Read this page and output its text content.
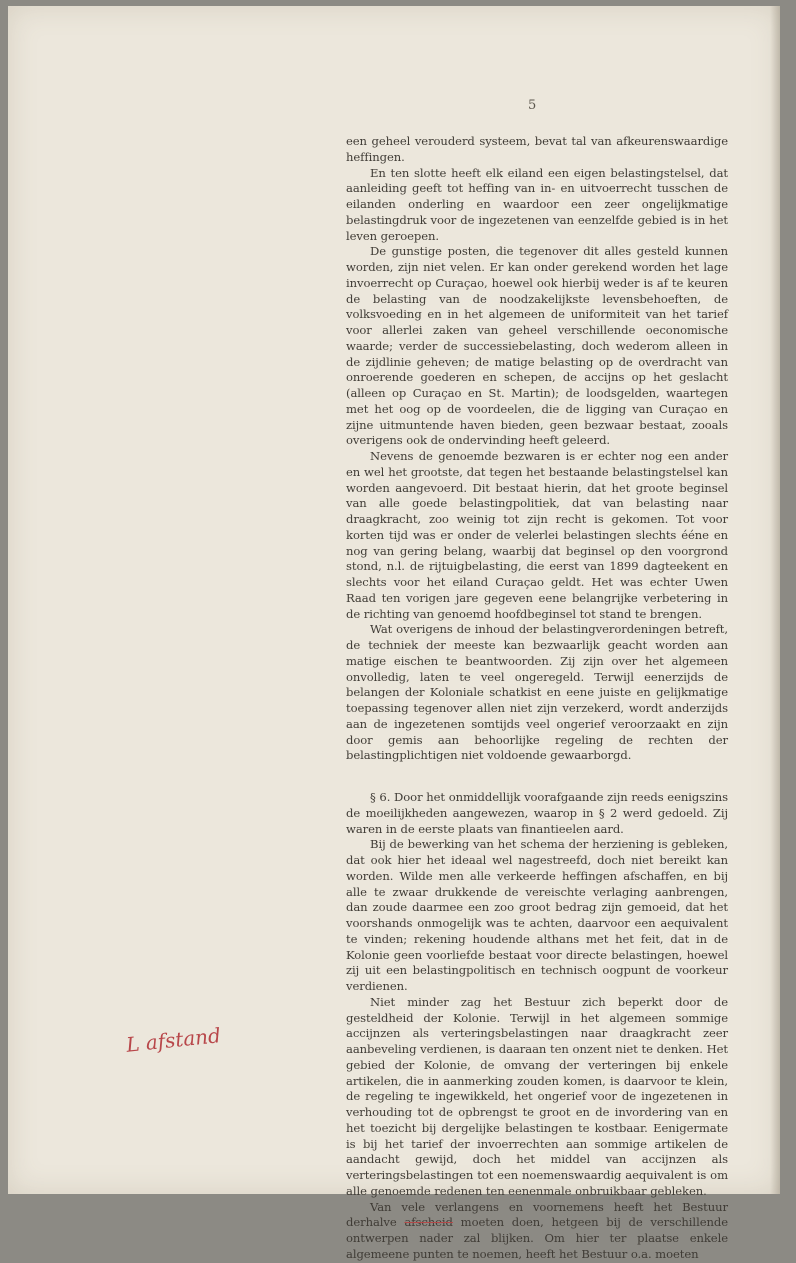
5

een geheel verouderd systeem, bevat tal van afkeurenswaardige heffingen.

En ten slotte heeft elk eiland een eigen belastingstelsel, dat aanleiding geeft tot heffing van in- en uitvoerrecht tusschen de eilanden onderling en waardoor een zeer ongelijkmatige belastingdruk voor de ingezetenen van eenzelfde gebied is in het leven geroepen.

De gunstige posten, die tegenover dit alles gesteld kunnen worden, zijn niet velen. Er kan onder gerekend worden het lage invoerrecht op Curaçao, hoewel ook hierbij weder is af te keuren de belasting van de noodzakelijkste levensbehoeften, de volksvoeding en in het algemeen de uniformiteit van het tarief voor allerlei zaken van geheel verschillende oeconomische waarde; verder de successiebelasting, doch wederom alleen in de zijdlinie geheven; de matige belasting op de overdracht van onroerende goederen en schepen, de accijns op het geslacht (alleen op Curaçao en St. Martin); de loodsgelden, waartegen met het oog op de voordeelen, die de ligging van Curaçao en zijne uitmuntende haven bieden, geen bezwaar bestaat, zooals overigens ook de ondervinding heeft geleerd.

Nevens de genoemde bezwaren is er echter nog een ander en wel het grootste, dat tegen het bestaande belastingstelsel kan worden aangevoerd. Dit bestaat hierin, dat het groote beginsel van alle goede belastingpolitiek, dat van belasting naar draagkracht, zoo weinig tot zijn recht is gekomen. Tot voor korten tijd was er onder de velerlei belastingen slechts ééne en nog van gering belang, waarbij dat beginsel op den voorgrond stond, n.l. de rijtuigbelasting, die eerst van 1899 dagteekent en slechts voor het eiland Curaçao geldt. Het was echter Uwen Raad ten vorigen jare gegeven eene belangrijke verbetering in de richting van genoemd hoofdbeginsel tot stand te brengen.

Wat overigens de inhoud der belastingverordeningen betreft, de techniek der meeste kan bezwaarlijk geacht worden aan matige eischen te beantwoorden. Zij zijn over het algemeen onvolledig, laten te veel ongeregeld. Terwijl eenerzijds de belangen der Koloniale schatkist en eene juiste en gelijkmatige toepassing tegenover allen niet zijn verzekerd, wordt anderzijds aan de ingezetenen somtijds veel ongerief veroorzaakt en zijn door gemis aan behoorlijke regeling de rechten der belastingplichtigen niet voldoende gewaarborgd.

§ 6. Door het onmiddellijk voorafgaande zijn reeds eenigszins de moeilijkheden aangewezen, waarop in § 2 werd gedoeld. Zij waren in de eerste plaats van finantieelen aard.

Bij de bewerking van het schema der herziening is gebleken, dat ook hier het ideaal wel nagestreefd, doch niet bereikt kan worden. Wilde men alle verkeerde heffingen afschaffen, en bij alle te zwaar drukkende de vereischte verlaging aanbrengen, dan zoude daarmee een zoo groot bedrag zijn gemoeid, dat het voorshands onmogelijk was te achten, daarvoor een aequivalent te vinden; rekening houdende althans met het feit, dat in de Kolonie geen voorliefde bestaat voor directe belastingen, hoewel zij uit een belastingpolitisch en technisch oogpunt de voorkeur verdienen.

Niet minder zag het Bestuur zich beperkt door de gesteldheid der Kolonie. Terwijl in het algemeen sommige accijnzen als verteringsbelastingen naar draagkracht zeer aanbeveling verdienen, is daaraan ten onzent niet te denken. Het gebied der Kolonie, de omvang der verteringen bij enkele artikelen, die in aanmerking zouden komen, is daarvoor te klein, de regeling te ingewikkeld, het ongerief voor de ingezetenen in verhouding tot de opbrengst te groot en de invordering van en het toezicht bij dergelijke belastingen te kostbaar. Eenigermate is bij het tarief der invoerrechten aan sommige artikelen de aandacht gewijd, doch het middel van accijnzen als verteringsbelastingen tot een noemenswaardig aequivalent is om alle genoemde redenen ten eenenmale onbruikbaar gebleken.

Van vele verlangens en voornemens heeft het Bestuur derhalve afscheid moeten doen, hetgeen bij de verschillende ontwerpen nader zal blijken. Om hier ter plaatse enkele algemeene punten te noemen, heeft het Bestuur o.a. moeten

L afstand
